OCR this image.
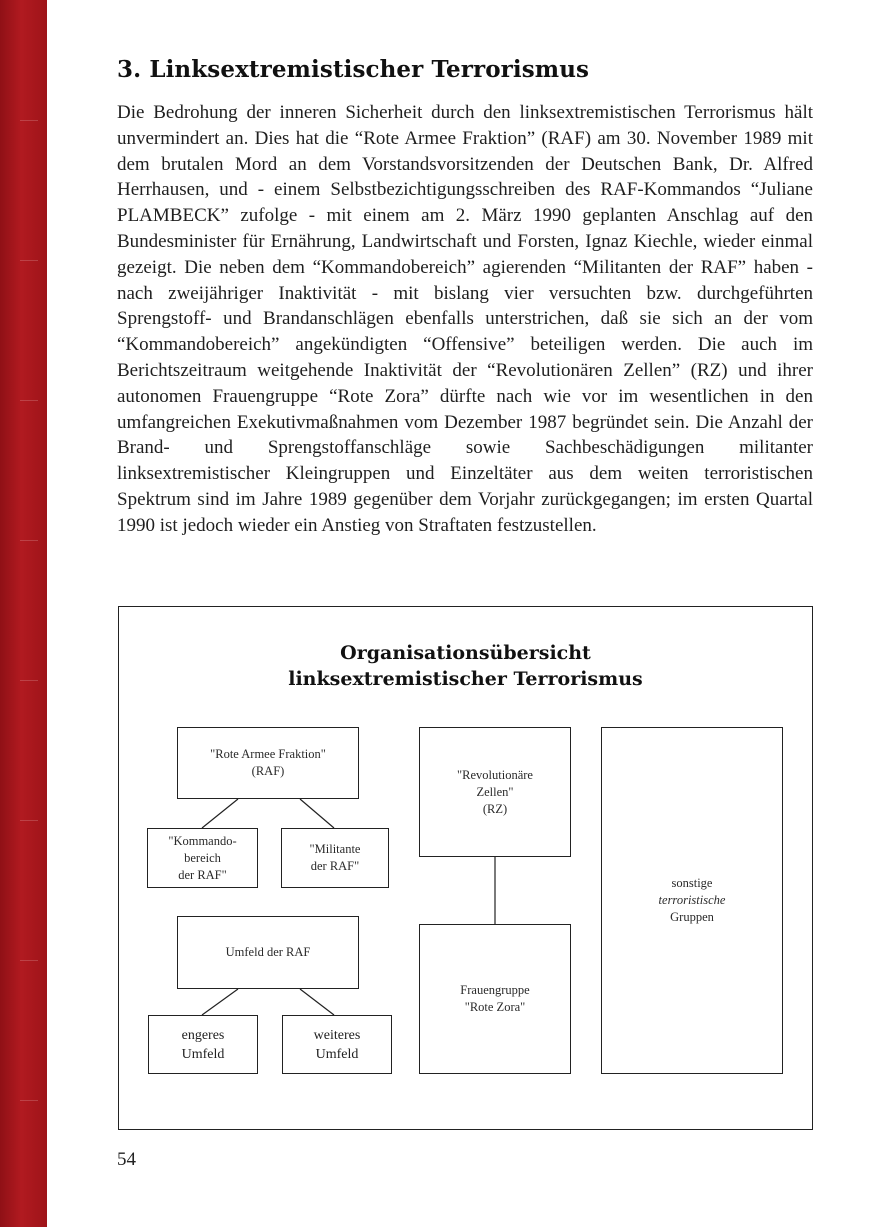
3. Linksextremistischer Terrorismus

Die Bedrohung der inneren Sicherheit durch den linksextremistischen Terrorismus hält unvermindert an. Dies hat die “Rote Armee Fraktion” (RAF) am 30. November 1989 mit dem brutalen Mord an dem Vorstandsvorsitzenden der Deutschen Bank, Dr. Alfred Herrhausen, und - einem Selbstbezichtigungsschreiben des RAF-Kommandos “Juliane PLAMBECK” zufolge - mit einem am 2. März 1990 geplanten Anschlag auf den Bundesminister für Ernährung, Landwirtschaft und Forsten, Ignaz Kiechle, wieder einmal gezeigt. Die neben dem “Kommandobereich” agierenden “Militanten der RAF” haben - nach zweijähriger Inaktivität - mit bislang vier versuchten bzw. durchgeführten Sprengstoff- und Brandanschlägen ebenfalls unterstrichen, daß sie sich an der vom “Kommandobereich” angekündigten “Offensive” beteiligen werden. Die auch im Berichtszeitraum weitgehende Inaktivität der “Revolutionären Zellen” (RZ) und ihrer autonomen Frauengruppe “Rote Zora” dürfte nach wie vor im wesentlichen in den umfangreichen Exekutivmaßnahmen vom Dezember 1987 begründet sein. Die Anzahl der Brand- und Sprengstoffanschläge sowie Sachbeschädigungen militanter linksextremistischer Kleingruppen und Einzeltäter aus dem weiten terroristischen Spektrum sind im Jahre 1989 gegenüber dem Vorjahr zurückgegangen; im ersten Quartal 1990 ist jedoch wieder ein Anstieg von Straftaten festzustellen.

Organisationsübersicht
linksextremistischer Terrorismus
"Rote Armee Fraktion"
(RAF)
"Kommando-
bereich
der RAF"
"Militante
der RAF"
Umfeld der RAF
engeres
Umfeld
weiteres
Umfeld
"Revolutionäre
Zellen"
(RZ)
Frauengruppe
"Rote Zora"
sonstige
terroristische
Gruppen

54
